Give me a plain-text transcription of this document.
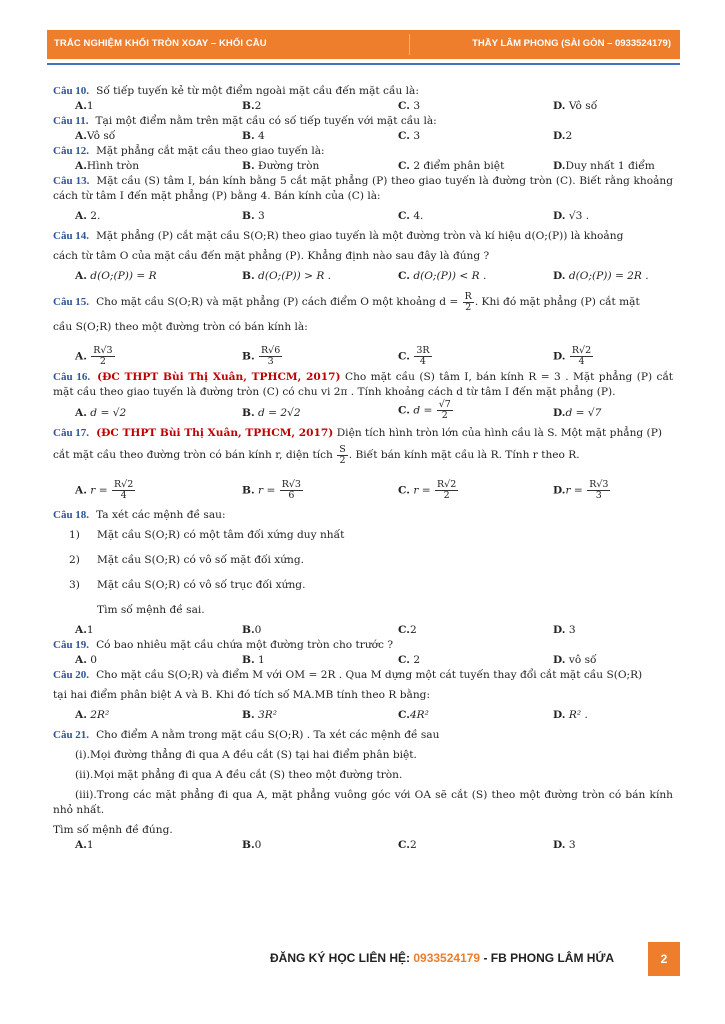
TRẮC NGHIỆM KHỐI TRÒN XOAY – KHỐI CẦU	THẦY LÂM PHONG (SÀI GÒN – 0933524179)
Câu 10. Số tiếp tuyến kẻ từ một điểm ngoài mặt cầu đến mặt cầu là:
A.1	B.2	C. 3	D. Vô số
Câu 11. Tại một điểm nằm trên mặt cầu có số tiếp tuyến với mặt cầu là:
A.Vô số	B. 4	C. 3	D.2
Câu 12. Mặt phẳng cắt mặt cầu theo giao tuyến là:
A.Hình tròn	B. Đường tròn	C. 2 điểm phân biệt	D.Duy nhất 1 điểm
Câu 13. Mặt cầu (S) tâm I, bán kính bằng 5 cắt mặt phẳng (P) theo giao tuyến là đường tròn (C). Biết rằng khoảng cách từ tâm I đến mặt phẳng (P) bằng 4. Bán kính của (C) là:
A. 2.	B. 3	C. 4.	D. √3 .
Câu 14. Mặt phẳng (P) cắt mặt cầu S(O;R) theo giao tuyến là một đường tròn và kí hiệu d(O;(P)) là khoảng
cách từ tâm O của mặt cầu đến mặt phẳng (P). Khẳng định nào sau đây là đúng ?
A. d(O;(P)) = R	B. d(O;(P)) > R .	C. d(O;(P)) < R .	D. d(O;(P)) = 2R .
Câu 15. Cho mặt cầu S(O;R) và mặt phẳng (P) cách điểm O một khoảng $d = \frac{R}{2}$ . Khi đó mặt phẳng (P) cắt mặt
cầu S(O;R) theo một đường tròn có bán kính là:
A. $\frac{R√3}{2}$	B. $\frac{R√6}{3}$	C. $\frac{3R}{4}$	D. $\frac{R√2}{4}$
Câu 16. (ĐC THPT Bùi Thị Xuân, TPHCM, 2017) Cho mặt cầu (S) tâm I, bán kính R = 3 . Mặt phẳng (P) cắt mặt cầu theo giao tuyến là đường tròn (C) có chu vi 2π . Tính khoảng cách d từ tâm I đến mặt phẳng (P).
A. d = √2	B. d = 2√2	C. $d = \frac{√7}{2}$	D.d = √7
Câu 17. (ĐC THPT Bùi Thị Xuân, TPHCM, 2017) Diện tích hình tròn lớn của hình cầu là S. Một mặt phẳng (P)
cắt mặt cầu theo đường tròn có bán kính r, diện tích $\frac{S}{2}$ . Biết bán kính mặt cầu là R. Tính r theo R.
A. $r = \frac{R√2}{4}$	B. $r = \frac{R√3}{6}$	C. $r = \frac{R√2}{2}$	$D.r = \frac{R√3}{3}$
Câu 18. Ta xét các mệnh đề sau:
1) Mặt cầu S(O;R) có một tâm đối xứng duy nhất
2) Mặt cầu S(O;R) có vô số mặt đối xứng.
3) Mặt cầu S(O;R) có vô số trục đối xứng.
Tìm số mệnh đề sai.
A.1	B.0	C.2	D. 3
Câu 19. Có bao nhiêu mặt cầu chứa một đường tròn cho trước ?
A. 0	B. 1	C. 2	D. vô số
Câu 20. Cho mặt cầu S(O;R) và điểm M với OM = 2R . Qua M dựng một cát tuyến thay đổi cắt mặt cầu S(O;R)
tại hai điểm phân biệt A và B. Khi đó tích số MA.MB tính theo R bằng:
A. 2R²	B. 3R²	C.4R²	D. R² .
Câu 21. Cho điểm A nằm trong mặt cầu S(O;R) . Ta xét các mệnh đề sau
(i).Mọi đường thẳng đi qua A đều cắt (S) tại hai điểm phân biệt.
(ii).Mọi mặt phẳng đi qua A đều cắt (S) theo một đường tròn.
(iii).Trong các mặt phẳng đi qua A, mặt phẳng vuông góc với OA sẽ cắt (S) theo một đường tròn có bán kính nhỏ nhất.
Tìm số mệnh đề đúng.
A.1	B.0	C.2	D. 3
ĐĂNG KÝ HỌC LIÊN HỆ: 0933524179 - FB PHONG LÂM HỨA	2
